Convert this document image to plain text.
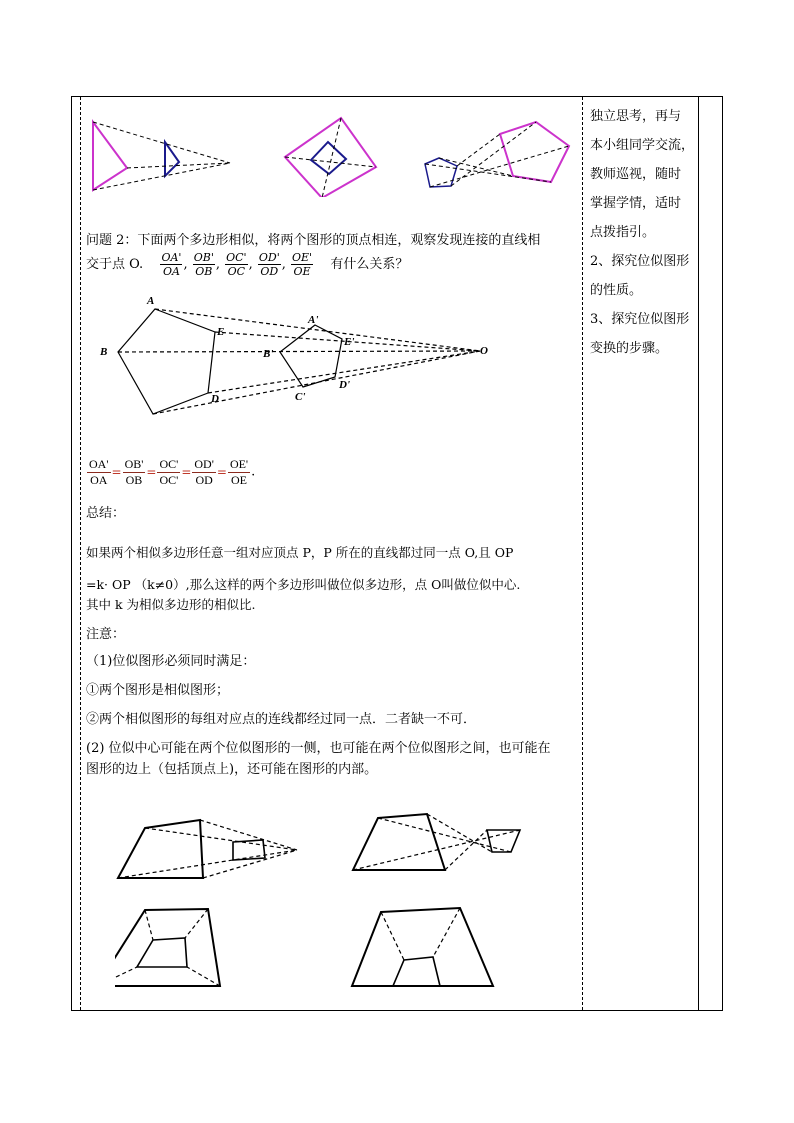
问题 2：下面两个多边形相似，将两个图形的顶点相连，观察发现连接的直线相
交于点 O. $\frac{OA'}{OA}$ , $\frac{OB'}{OB}$ , $\frac{OC'}{OC}$ , $\frac{OD'}{OD}$ , $\frac{OE'}{OE}$ 有什么关系？
A
B
D
E
A'
B'
C'
D'
E'
O
$\frac{OA'}{OA} = \frac{OB'}{OB} = \frac{OC'}{OC'} = \frac{OD'}{OD} = \frac{OE'}{OE}$ .
总结：
如果两个相似多边形任意一组对应顶点 P，P 所在的直线都过同一点 O,且 OP
=k· OP （k≠0）,那么这样的两个多边形叫做位似多边形，点 O叫做位似中心.
其中 k 为相似多边形的相似比.
注意：
（1)位似图形必须同时满足：
①两个图形是相似图形；
②两个相似图形的每组对应点的连线都经过同一点．二者缺一不可．
(2) 位似中心可能在两个位似图形的一侧，也可能在两个位似图形之间，也可能在
图形的边上（包括顶点上)，还可能在图形的内部。
独立思考，再与
本小组同学交流，
教师巡视，随时
掌握学情，适时
点拨指引。
2、探究位似图形
的性质。
3、探究位似图形
变换的步骤。
